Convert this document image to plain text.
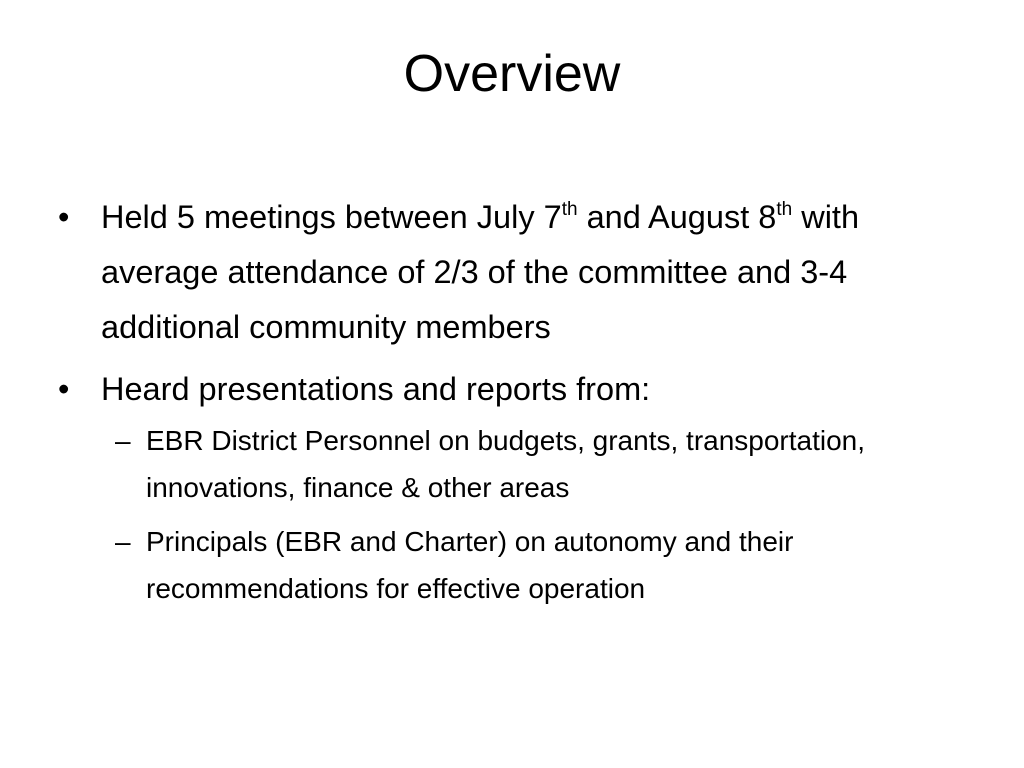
Overview
• Held 5 meetings between July 7th and August 8th with average attendance of 2/3 of the committee and 3-4 additional community members
• Heard presentations and reports from:
– EBR District Personnel on budgets, grants, transportation, innovations, finance & other areas
– Principals (EBR and Charter) on autonomy and their recommendations for effective operation
